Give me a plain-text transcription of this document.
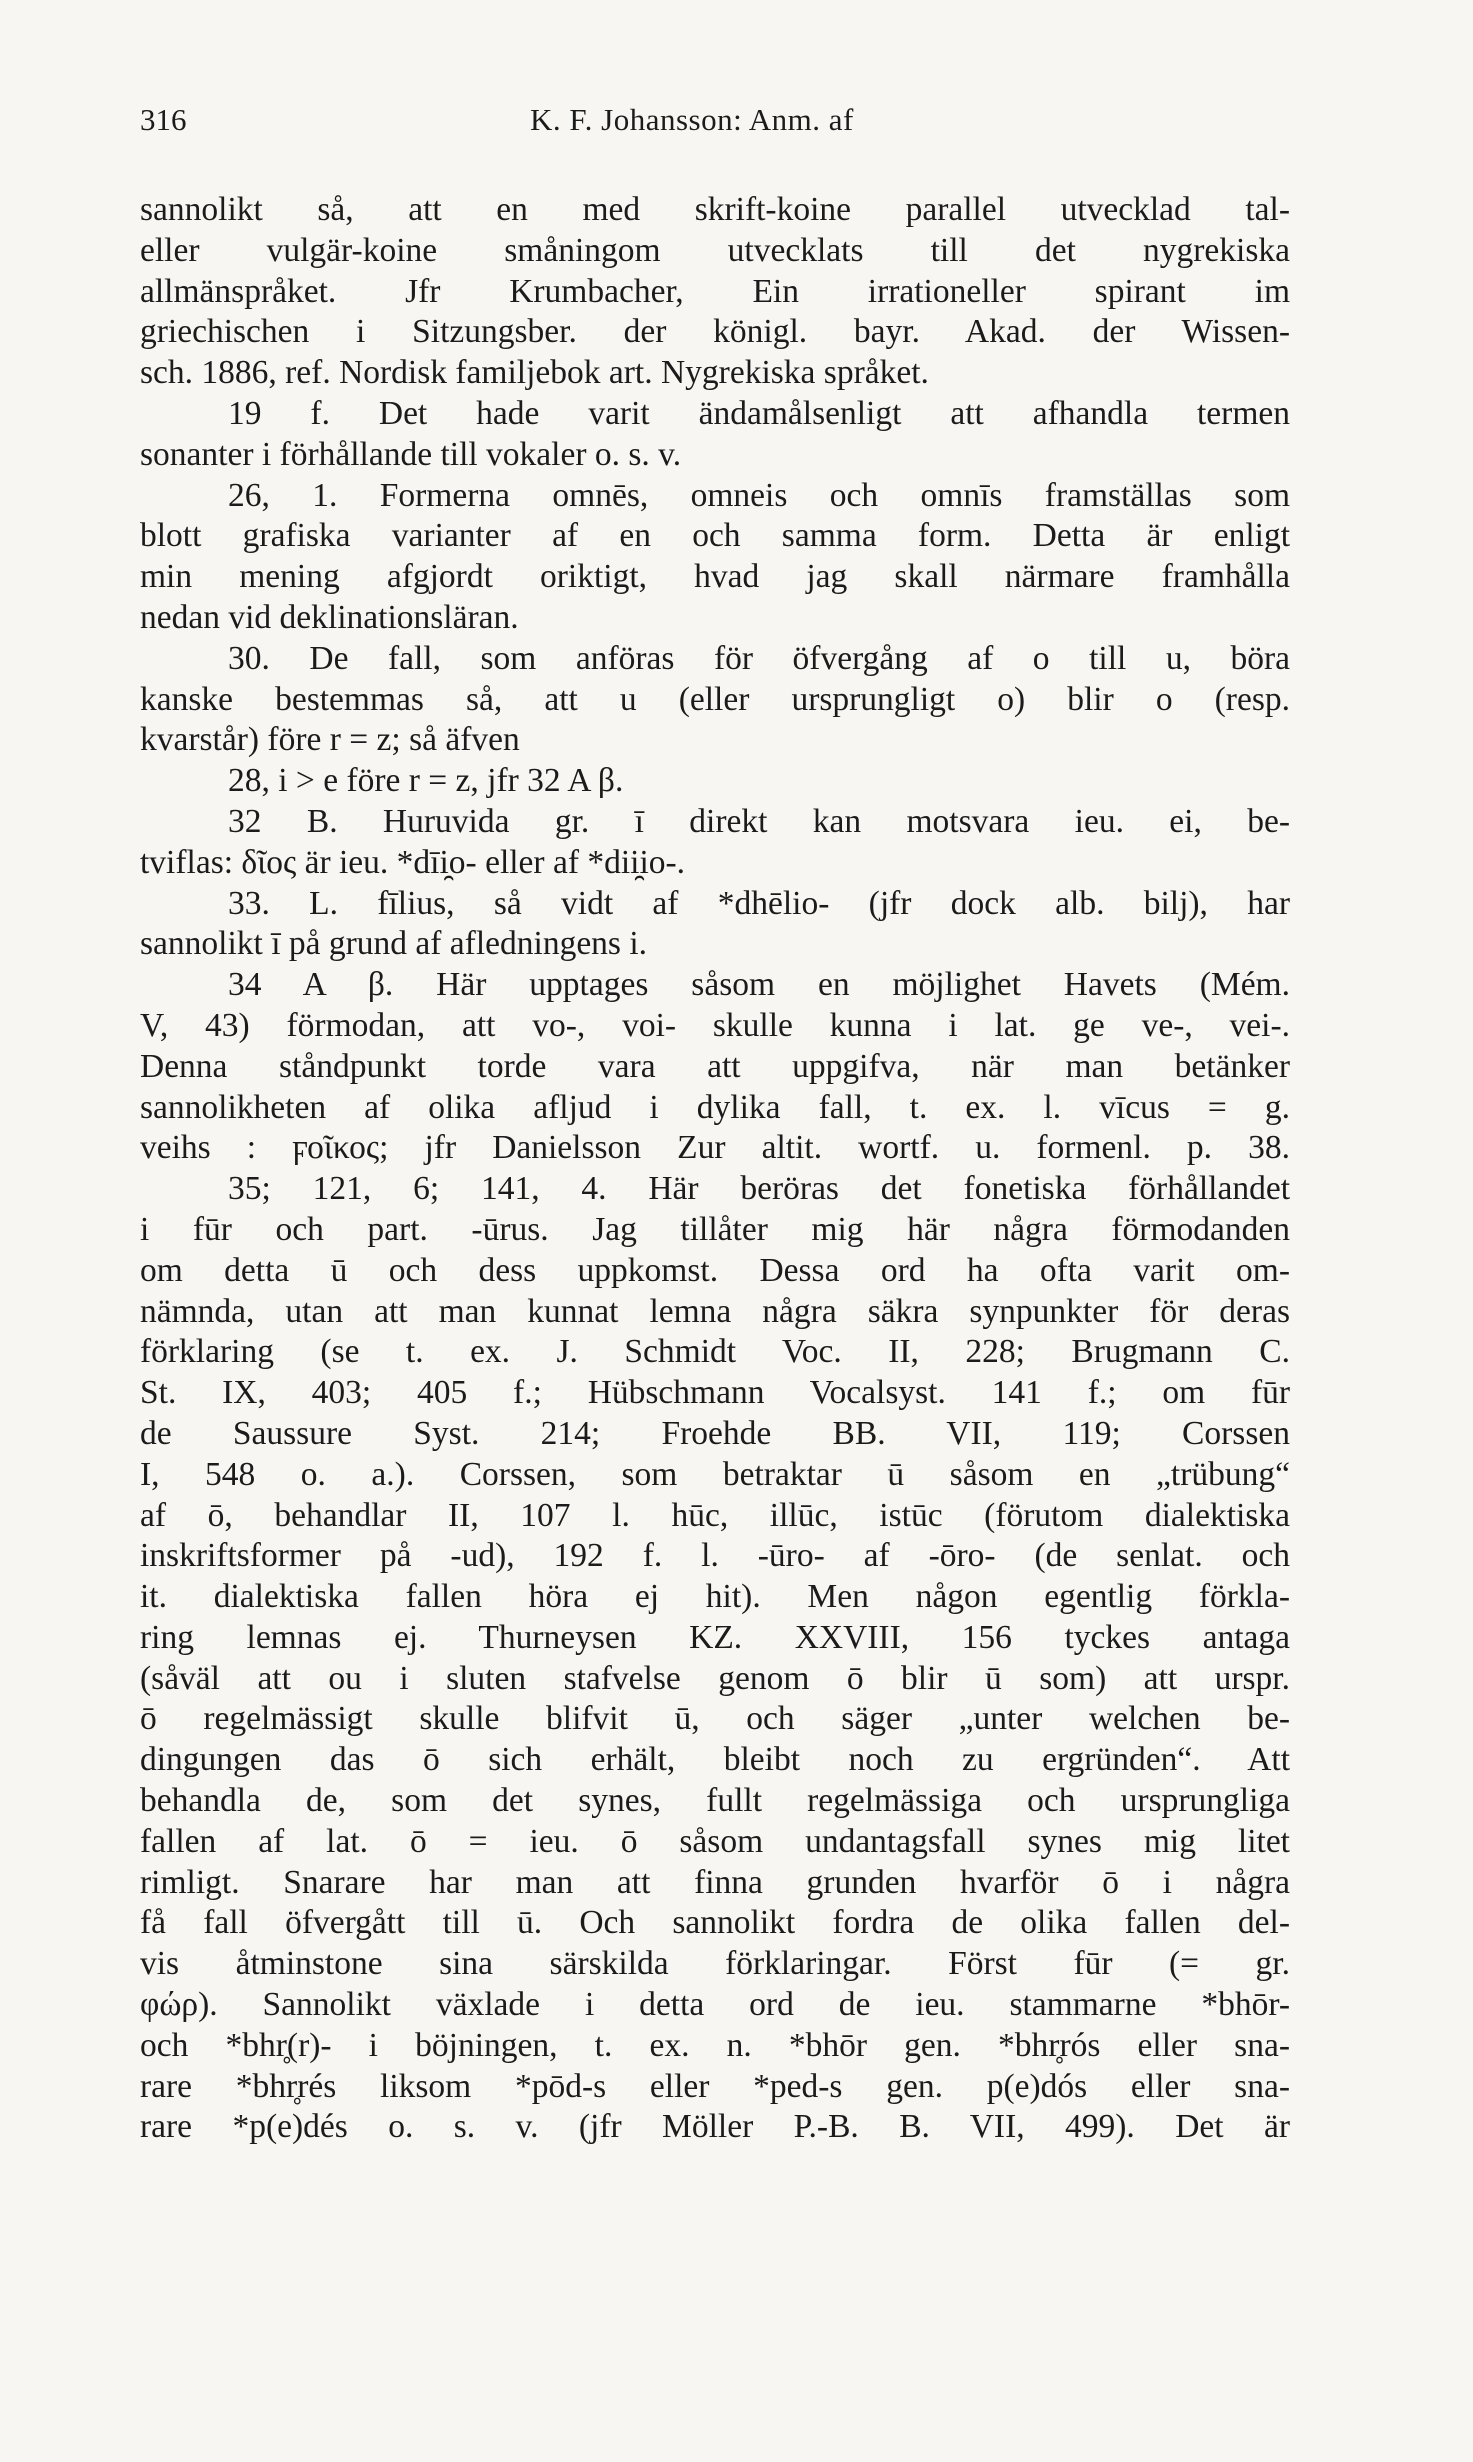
316	K. F. Johansson: Anm. af
sannolikt så, att en med skrift-koine parallel utvecklad tal-
eller vulgär-koine småningom utvecklats till det nygrekiska
allmänspråket. Jfr Krumbacher, Ein irrationeller spirant im
griechischen i Sitzungsber. der königl. bayr. Akad. der Wissen-
sch. 1886, ref. Nordisk familjebok art. Nygrekiska språket.
19 f. Det hade varit ändamålsenligt att afhandla termen
sonanter i förhållande till vokaler o. s. v.
26, 1. Formerna omnēs, omneis och omnīs framställas som
blott grafiska varianter af en och samma form. Detta är enligt
min mening afgjordt oriktigt, hvad jag skall närmare framhålla
nedan vid deklinationsläran.
30. De fall, som anföras för öfvergång af o till u, böra
kanske bestemmas så, att u (eller ursprungligt o) blir o (resp.
kvarstår) före r = z; så äfven
28, i > e före r = z, jfr 32 A β.
32 B. Huruvida gr. ī direkt kan motsvara ieu. ei, be-
tviflas: δῖος är ieu. *dīi̯o- eller af *dii̯io-.
33. L. fīlius, så vidt af *dhēlio- (jfr dock alb. bilj), har
sannolikt ī på grund af afledningens i.
34 A β. Här upptages såsom en möjlighet Havets (Mém.
V, 43) förmodan, att vo-, voi- skulle kunna i lat. ge ve-, vei-.
Denna ståndpunkt torde vara att uppgifva, när man betänker
sannolikheten af olika afljud i dylika fall, t. ex. l. vīcus = g.
veihs : ϝοῖκος; jfr Danielsson Zur altit. wortf. u. formenl. p. 38.
35; 121, 6; 141, 4. Här beröras det fonetiska förhållandet
i fūr och part. -ūrus. Jag tillåter mig här några förmodanden
om detta ū och dess uppkomst. Dessa ord ha ofta varit om-
nämnda, utan att man kunnat lemna några säkra synpunkter för deras
förklaring (se t. ex. J. Schmidt Voc. II, 228; Brugmann C.
St. IX, 403; 405 f.; Hübschmann Vocalsyst. 141 f.; om fūr
de Saussure Syst. 214; Froehde BB. VII, 119; Corssen
I, 548 o. a.). Corssen, som betraktar ū såsom en „trübung“
af ō, behandlar II, 107 l. hūc, illūc, istūc (förutom dialektiska
inskriftsformer på -ud), 192 f. l. -ūro- af -ōro- (de senlat. och
it. dialektiska fallen höra ej hit). Men någon egentlig förkla-
ring lemnas ej. Thurneysen KZ. XXVIII, 156 tyckes antaga
(såväl att ou i sluten stafvelse genom ō blir ū som) att urspr.
ō regelmässigt skulle blifvit ū, och säger „unter welchen be-
dingungen das ō sich erhält, bleibt noch zu ergründen“. Att
behandla de, som det synes, fullt regelmässiga och ursprungliga
fallen af lat. ō = ieu. ō såsom undantagsfall synes mig litet
rimligt. Snarare har man att finna grunden hvarför ō i några
få fall öfvergått till ū. Och sannolikt fordra de olika fallen del-
vis åtminstone sina särskilda förklaringar. Först fūr (= gr.
φώρ). Sannolikt växlade i detta ord de ieu. stammarne *bhōr-
och *bhr̥(r)- i böjningen, t. ex. n. *bhōr gen. *bhr̥rós eller sna-
rare *bhr̥rés liksom *pōd-s eller *ped-s gen. p(e)dós eller sna-
rare *p(e)dés o. s. v. (jfr Möller P.-B. B. VII, 499). Det är
